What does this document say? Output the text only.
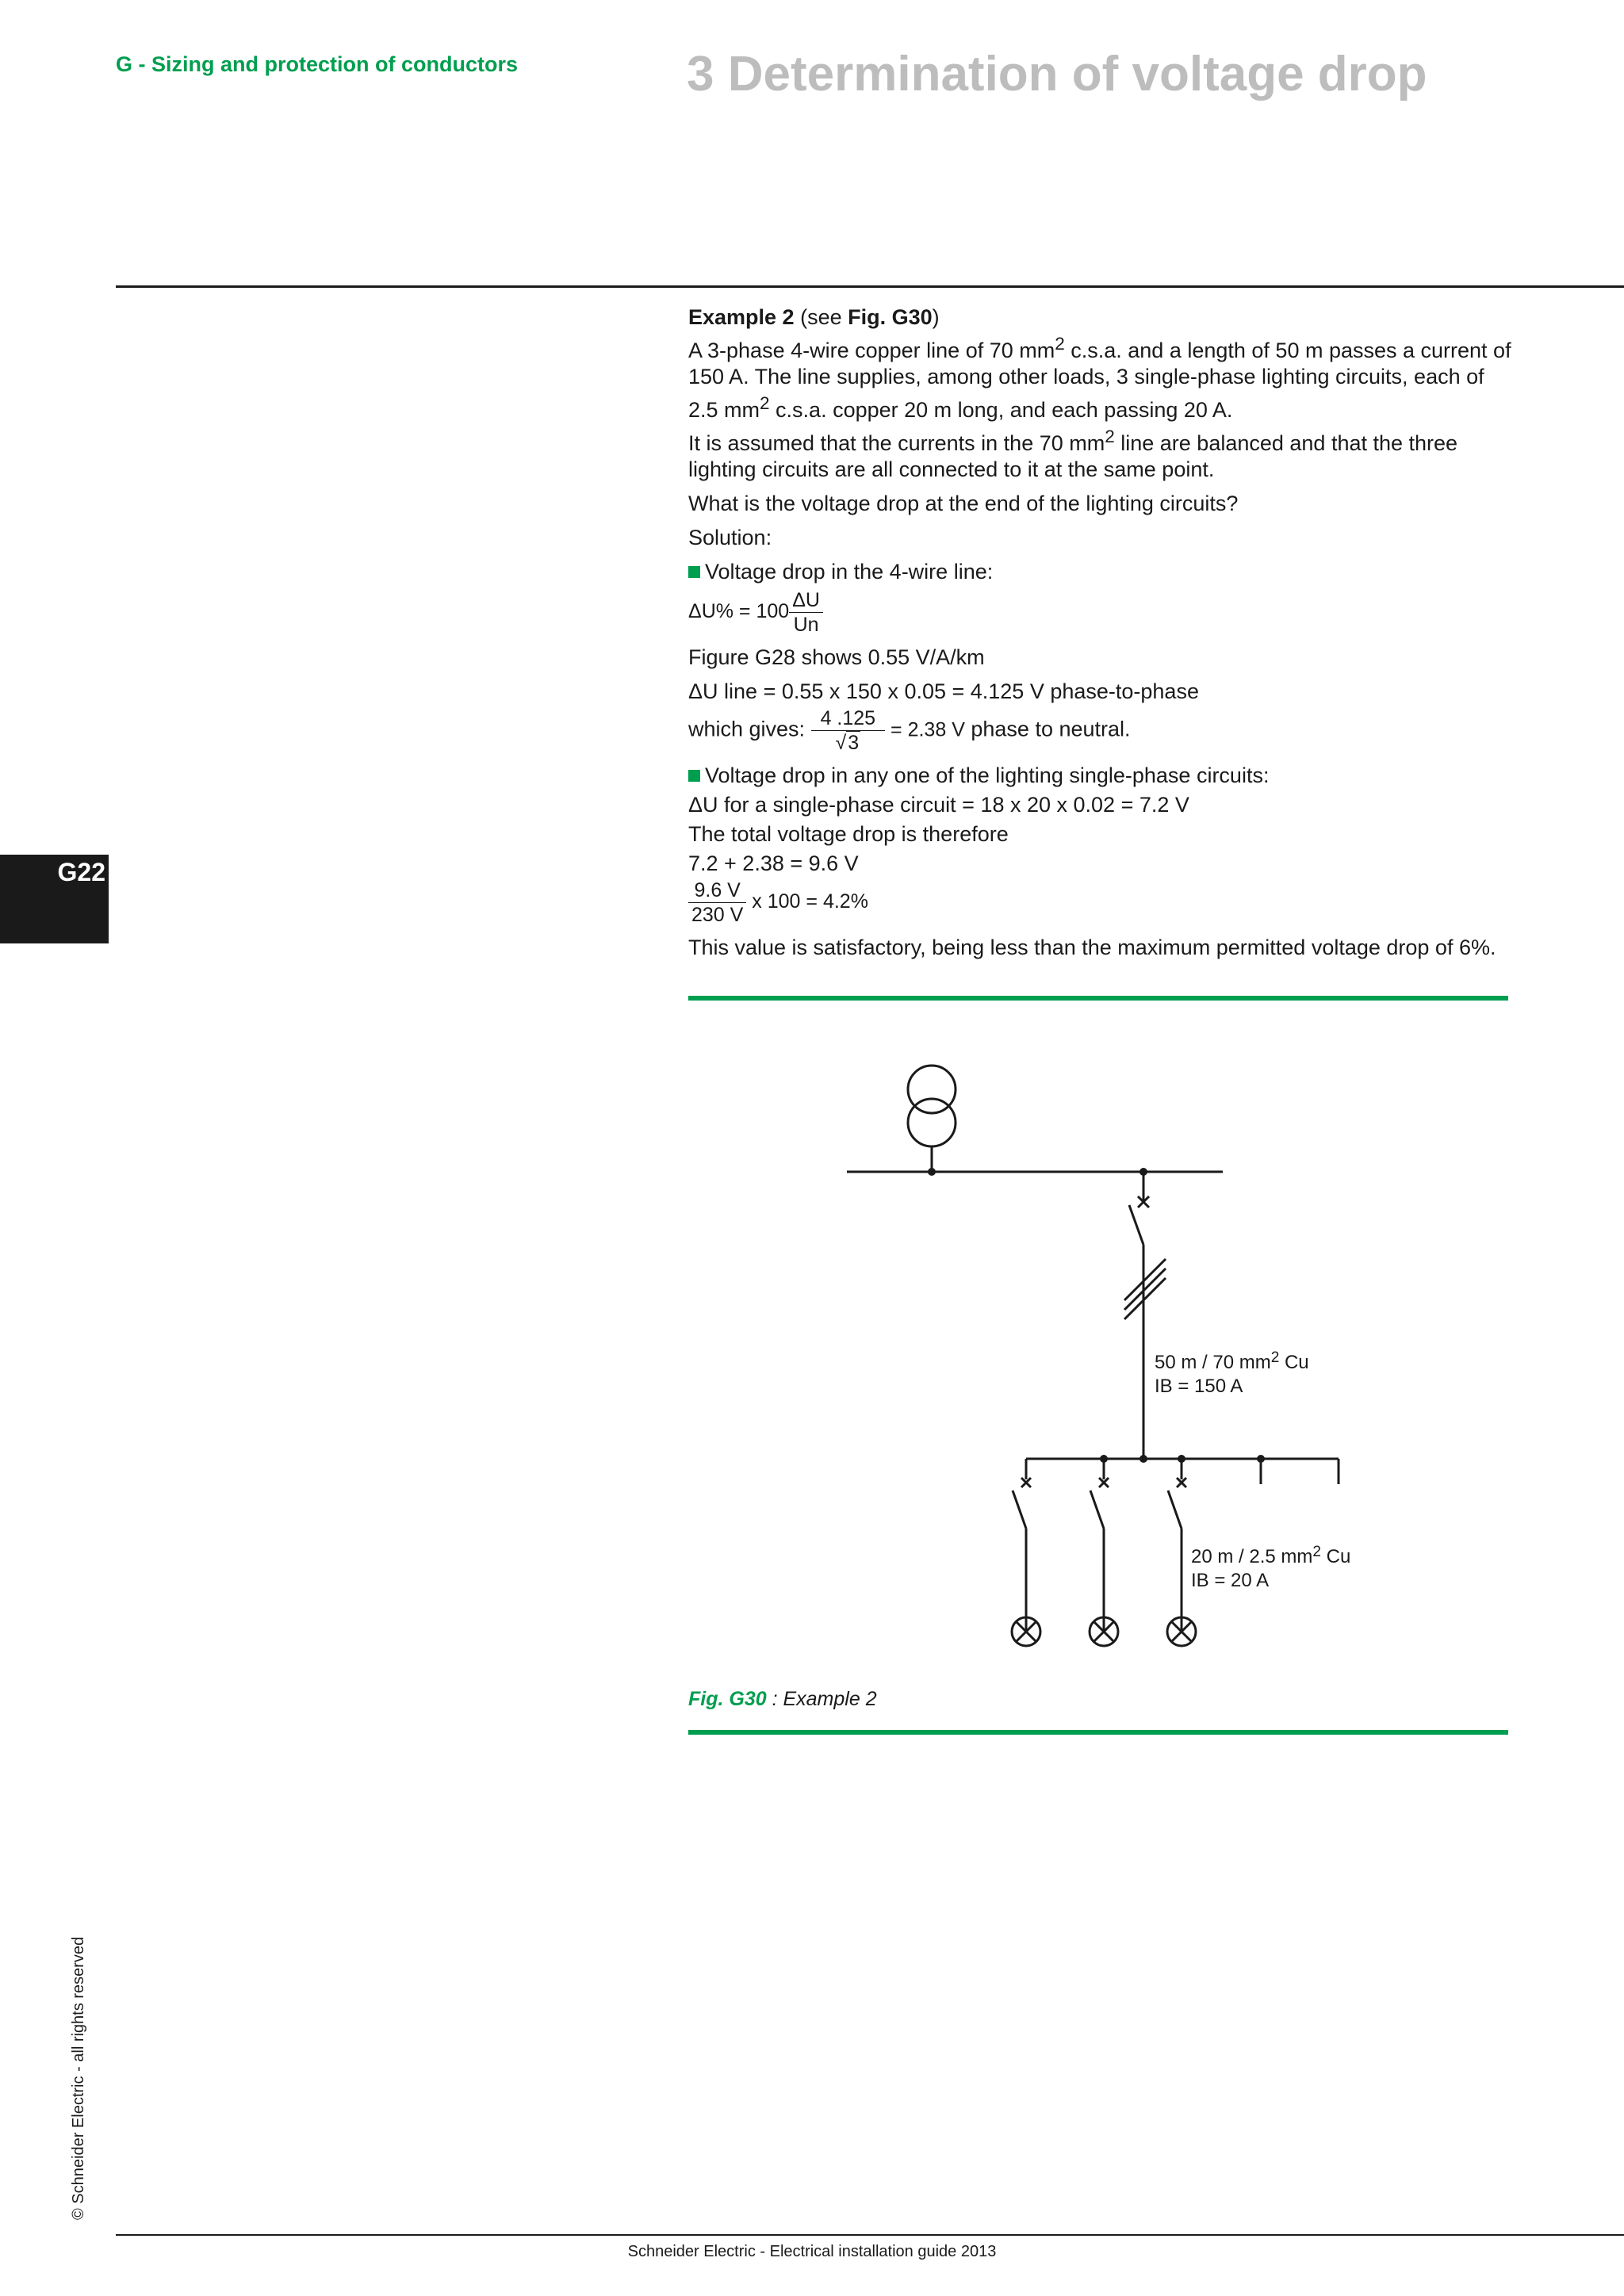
G - Sizing and protection of conductors	3 Determination of voltage drop
G22

Example 2 (see Fig. G30)

A 3-phase 4-wire copper line of 70 $mm^2$ c.s.a. and a length of 50 m passes a current of 150 A. The line supplies, among other loads, 3 single-phase lighting circuits, each of 2.5 $mm^2$ c.s.a. copper 20 m long, and each passing 20 A.

It is assumed that the currents in the 70 $mm^2$ line are balanced and that the three lighting circuits are all connected to it at the same point.

What is the voltage drop at the end of the lighting circuits?

Solution:

Voltage drop in the 4-wire line:

$\Delta U\% = 100 \frac{\Delta U}{Un}$

Figure G28 shows 0.55 V/A/km

ΔU line = 0.55 x 150 x 0.05 = 4.125 V phase-to-phase

which gives: $\frac{4 .125}{√3} = 2.38$ V phase to neutral.

Voltage drop in any one of the lighting single-phase circuits:

ΔU for a single-phase circuit = 18 x 20 x 0.02 = 7.2 V

The total voltage drop is therefore

7.2 + 2.38 = 9.6 V

$\frac{9.6 V}{230 V}$ x 100 = 4.2%

This value is satisfactory, being less than the maximum permitted voltage drop of 6%.

50 m / 70 $mm^2$ Cu
IB = 150 A
20 m / 2.5 $mm^2$ Cu
IB = 20 A
Fig. G30 : Example 2
© Schneider Electric - all rights reserved
Schneider Electric - Electrical installation guide 2013
